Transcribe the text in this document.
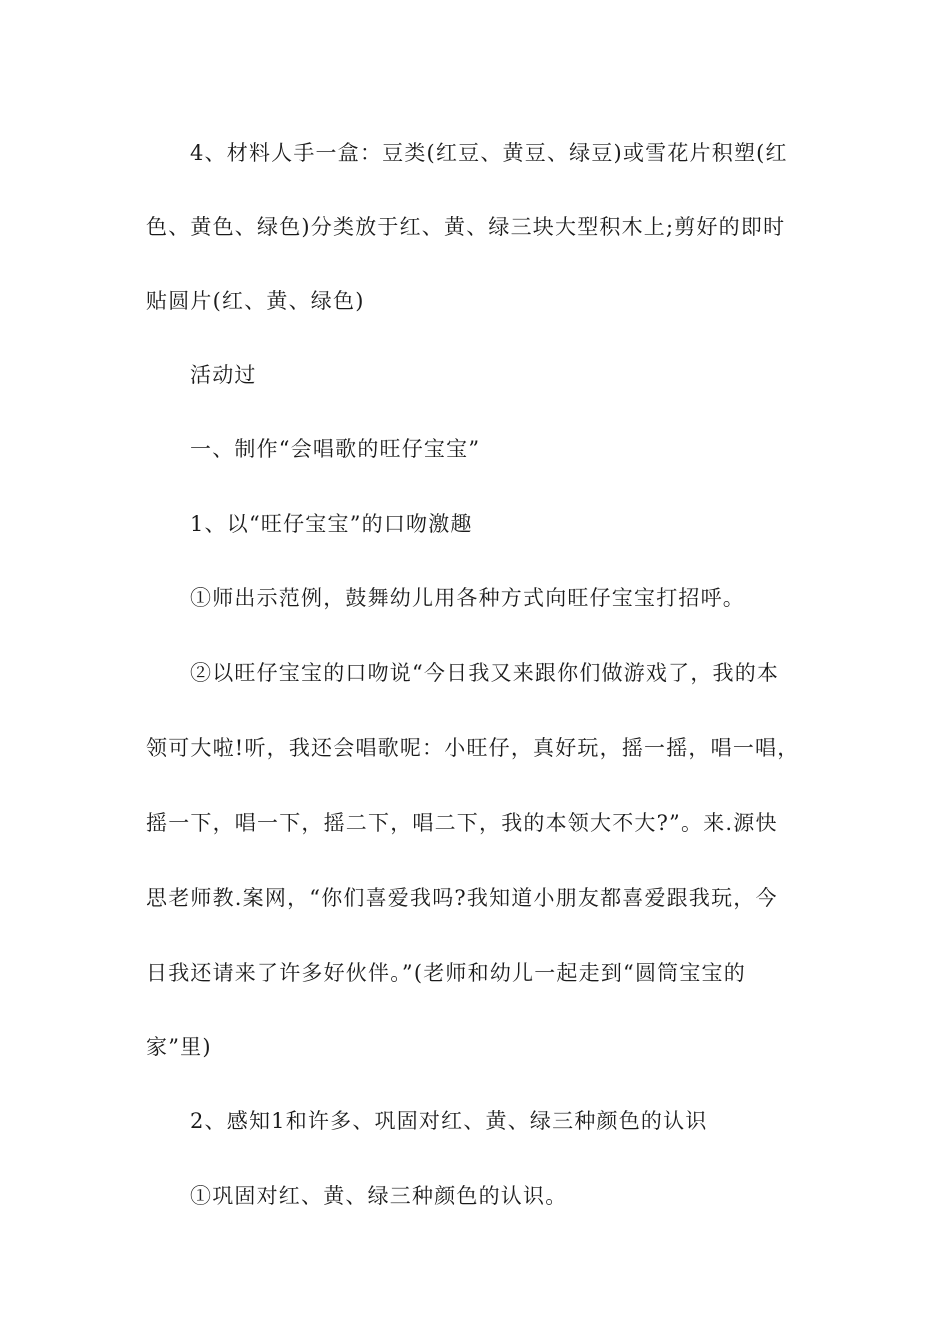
4、材料人手一盒：豆类(红豆、黄豆、绿豆)或雪花片积塑(红
色、黄色、绿色)分类放于红、黄、绿三块大型积木上;剪好的即时
贴圆片(红、黄、绿色)
活动过
一、制作“会唱歌的旺仔宝宝”
1、以“旺仔宝宝”的口吻激趣
①师出示范例，鼓舞幼儿用各种方式向旺仔宝宝打招呼。
②以旺仔宝宝的口吻说“今日我又来跟你们做游戏了，我的本
领可大啦!听，我还会唱歌呢：小旺仔，真好玩，摇一摇，唱一唱，
摇一下，唱一下，摇二下，唱二下，我的本领大不大?”。来.源快
思老师教.案网，“你们喜爱我吗?我知道小朋友都喜爱跟我玩，今
日我还请来了许多好伙伴。”(老师和幼儿一起走到“圆筒宝宝的
家”里)
2、感知1和许多、巩固对红、黄、绿三种颜色的认识
①巩固对红、黄、绿三种颜色的认识。
